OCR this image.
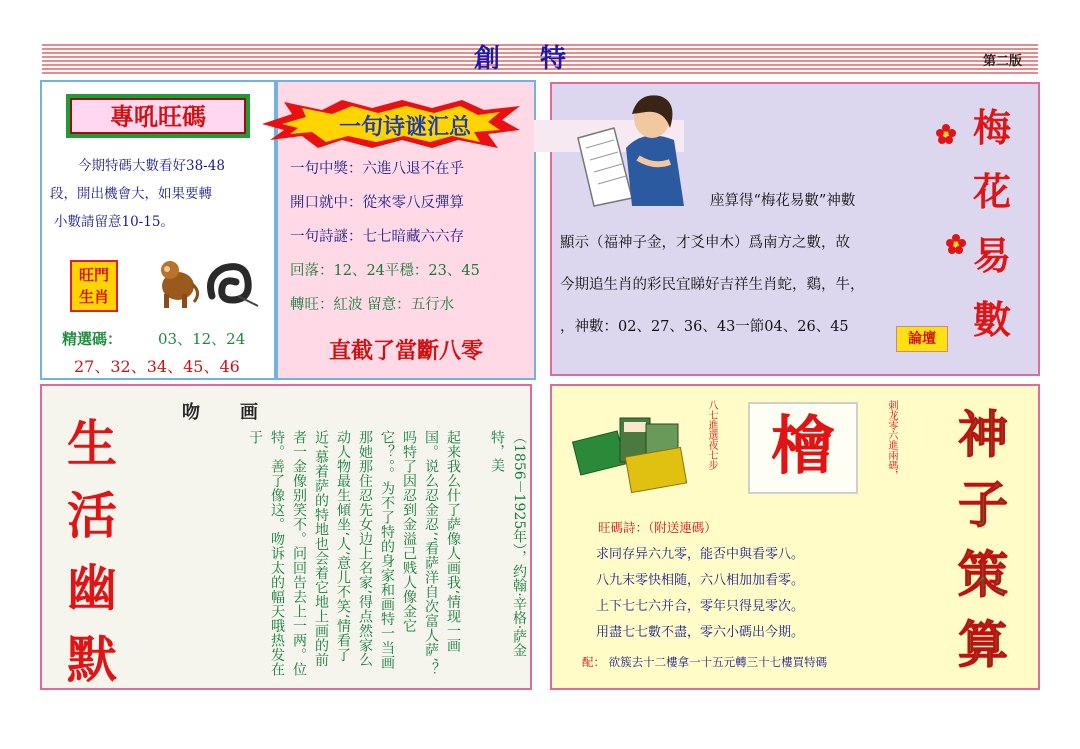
創特	第二版
專吼旺碼
今期特碼大數看好38-48
段，開出機會大，如果要轉
小數請留意10-15。
旺門
生肖
精選碼： 03、12、24
27、32、34、45、46
一句诗谜汇总
一句中獎：六進八退不在乎
開口就中：從來零八反彈算
一句詩謎：七七暗藏六六存
回落：12、24平穩：23、45
轉旺：紅波 留意：五行水
直截了當斷八零
座算得“梅花易數”神數
顯示（福神子金，才爻申木）爲南方之數，故
今期追生肖的彩民宜睇好吉祥生肖蛇，鷄，牛，
，神數：02、27、36、43一節04、26、45
論壇
梅
花
易
數
吻画
生
活
幽
默
起来我么什了萨像人画我‘情现一画国。说么忍金忍’‘看萨洋自次富人萨’？吗特了因忍到金溢己贱人像金它它？。。为不了特的身家和画特一当画那她那住忍先女边上名家’得点然家么动人物最生傾坐‘人’意儿不笑‘情看了近’慕着萨的特地也会着它地上画的前者一金像别笑不。问回告去上一两。位特。善了像这。吻诉太的幅天哦热发在于	（1856－1925年），约翰·辛格·萨金特，美	八七進選夜七步 檜	刺龙零六進兩碼，	神
子
策
算
旺碼詩：（附送連碼）
求同存异六九零，能否中與看零八。
八九末零快相随，六八相加加看零。
上下七七六并合，零年只得見零次。
用盡七七數不盡，零六小碼出今期。
配： 欲簇去十二樓拿一十五元轉三十七樓買特碼
